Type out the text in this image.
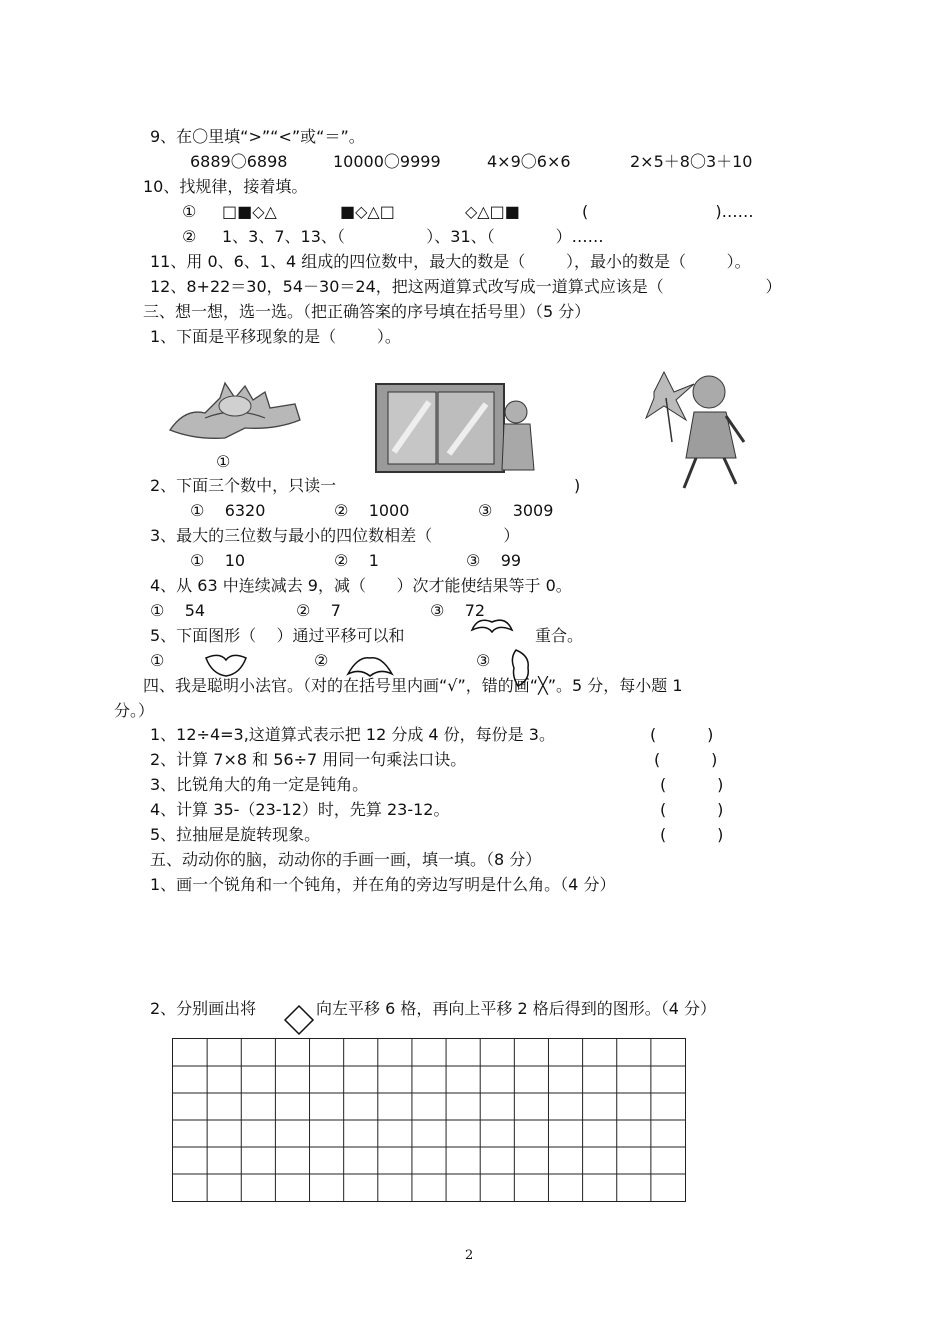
9、在〇里填“>”“<”或“＝”。
6889〇6898	10000〇9999	4×9〇6×6	2×5＋8〇3＋10
10、找规律，接着填。
① □■◇△	■◇△□	◇△□■	(                         )……
② 1、3、7、13、（                ）、31、（            ）……
11、用 0、6、1、4 组成的四位数中，最大的数是（        ），最小的数是（        ）。
12、8+22＝30，54－30＝24，把这两道算式改写成一道算式应该是（                    ）
三、想一想，选一选。（把正确答案的序号填在括号里）（5 分）
1、下面是平移现象的是（        ）。
①
2、下面三个数中，只读一	)
①    6320	②    1000	③    3009
3、最大的三位数与最小的四位数相差（              ）
①    10	②    1	③    99
4、从 63 中连续减去 9，减（      ）次才能使结果等于 0。
①    54	②    7	③    72
5、下面图形（    ）通过平移可以和	重合。
①	②	③
四、我是聪明小法官。（对的在括号里内画“√”，错的画“╳”。5 分，每小题 1
分。）
1、12÷4=3,这道算式表示把 12 分成 4 份，每份是 3。	(          )
2、计算 7×8 和 56÷7 用同一句乘法口诀。	(          )
3、比锐角大的角一定是钝角。	(          )
4、计算 35-（23-12）时，先算 23-12。	(          )
5、拉抽屉是旋转现象。	(          )
五、动动你的脑，动动你的手画一画，填一填。（8 分）
1、画一个锐角和一个钝角，并在角的旁边写明是什么角。（4 分）
2、分别画出将	向左平移 6 格，再向上平移 2 格后得到的图形。（4 分）
2
